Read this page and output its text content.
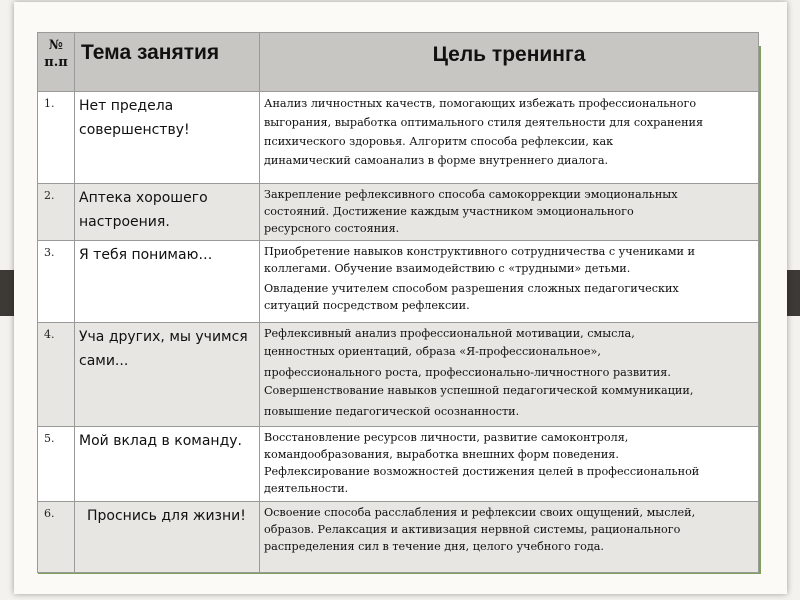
№ п.п	Тема занятия	Цель тренинга
1.	Нет предела совершенству!	Анализ личностных качеств, помогающих избежать профессионального
выгорания, выработка оптимального стиля деятельности для сохранения
психического здоровья. Алгоритм способа рефлексии, как
динамический самоанализ в форме внутреннего диалога.

2.	Аптека хорошего настроения.	Закрепление рефлексивного способа самокоррекции эмоциональных
состояний. Достижение каждым участником эмоционального
ресурсного состояния.

3.	Я тебя понимаю…	Приобретение навыков конструктивного сотрудничества с учениками и
коллегами. Обучение взаимодействию с «трудными» детьми.
Овладение учителем способом разрешения сложных педагогических
ситуаций посредством рефлексии.

4.	Уча других, мы учимся сами...	Рефлексивный анализ профессиональной мотивации, смысла,
ценностных ориентаций, образа «Я-профессиональное»,
профессионального роста, профессионально-личностного развития.
Совершенствование навыков успешной педагогической коммуникации,
повышение педагогической осознанности.

5.	Мой вклад в команду.	Восстановление ресурсов личности, развитие самоконтроля,
командообразования, выработка внешних форм поведения.
Рефлексирование возможностей достижения целей в профессиональной
деятельности.

6.	Проснись для жизни!	Освоение способа расслабления и рефлексии своих ощущений, мыслей,
образов. Релаксация и активизация нервной системы, рационального
распределения сил в течение дня, целого учебного года.
